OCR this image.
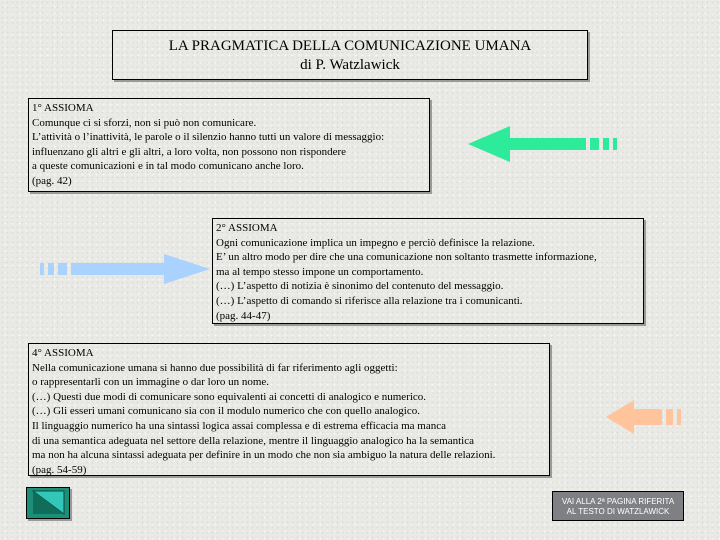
LA PRAGMATICA DELLA COMUNICAZIONE UMANA
di P. Watzlawick
1° ASSIOMA
Comunque ci si sforzi, non si può non comunicare.
L’attività o l’inattività, le parole o il silenzio hanno tutti un valore di messaggio:
influenzano gli altri e gli altri, a loro volta, non possono non rispondere
a queste comunicazioni e in tal modo comunicano anche loro.
(pag. 42)
2° ASSIOMA
Ogni comunicazione implica un impegno e perciò definisce la relazione.
E’ un altro modo per dire che una comunicazione non soltanto trasmette informazione,
ma al tempo stesso impone un comportamento.
(…) L’aspetto di notizia è sinonimo del contenuto del messaggio.
(…) L’aspetto di comando si riferisce alla relazione tra i comunicanti.
(pag. 44-47)
4° ASSIOMA
Nella comunicazione umana si hanno due possibilità di far riferimento agli oggetti:
o rappresentarli con un immagine o dar loro un nome.
(…) Questi due modi di comunicare sono equivalenti ai concetti di analogico e numerico.
(…) Gli esseri umani comunicano sia con il modulo numerico che con quello analogico.
Il linguaggio numerico ha una sintassi logica assai complessa e di estrema efficacia ma manca
di una semantica adeguata nel settore della relazione, mentre il linguaggio analogico ha la semantica
ma non ha alcuna sintassi adeguata per definire in un modo che non sia ambiguo la natura delle relazioni.
(pag. 54-59)
VAI ALLA 2ª PAGINA RIFERITA
AL TESTO DI WATZLAWICK
